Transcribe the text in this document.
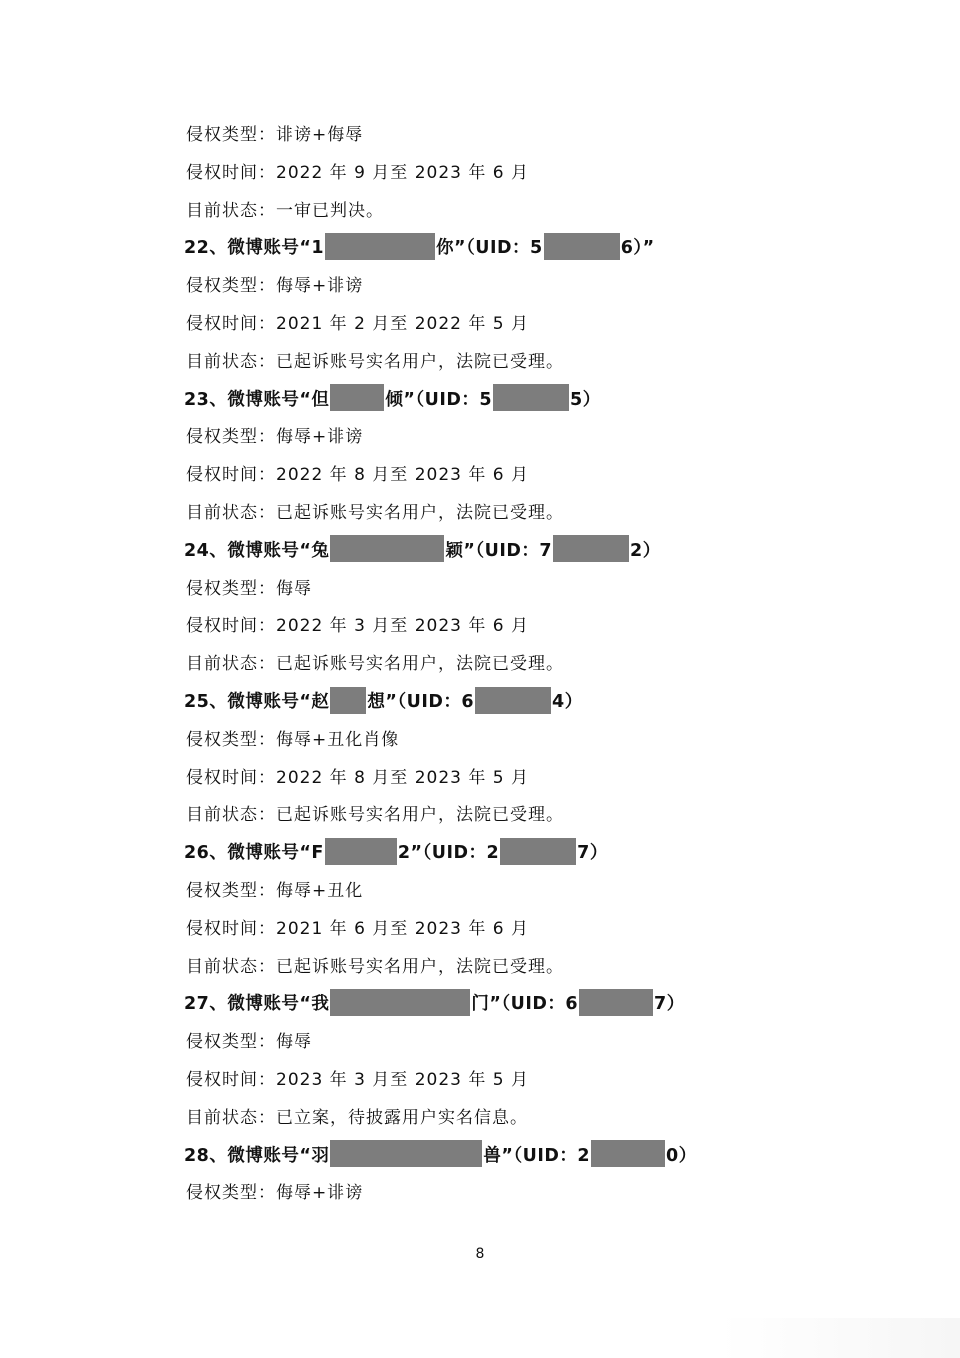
8
侵权类型：诽谤+侮辱
侵权时间：2022 年 9 月至 2023 年 6 月
目前状态：一审已判决。
22、微博账号“1	你”（UID：5	6）”
侵权类型：侮辱+诽谤
侵权时间：2021 年 2 月至 2022 年 5 月
目前状态：已起诉账号实名用户，法院已受理。
23、微博账号“但	倾”（UID：5	5）
侵权类型：侮辱+诽谤
侵权时间：2022 年 8 月至 2023 年 6 月
目前状态：已起诉账号实名用户，法院已受理。
24、微博账号“兔	颖”（UID：7	2）
侵权类型：侮辱
侵权时间：2022 年 3 月至 2023 年 6 月
目前状态：已起诉账号实名用户，法院已受理。
25、微博账号“赵 想”（UID：6	4）
侵权类型：侮辱+丑化肖像
侵权时间：2022 年 8 月至 2023 年 5 月
目前状态：已起诉账号实名用户，法院已受理。
26、微博账号“F	2”（UID：2	7）
侵权类型：侮辱+丑化
侵权时间：2021 年 6 月至 2023 年 6 月
目前状态：已起诉账号实名用户，法院已受理。
27、微博账号“我	门”（UID：6	7）
侵权类型：侮辱
侵权时间：2023 年 3 月至 2023 年 5 月
目前状态：已立案，待披露用户实名信息。
28、微博账号“羽	兽”（UID：2	0）
侵权类型：侮辱+诽谤
